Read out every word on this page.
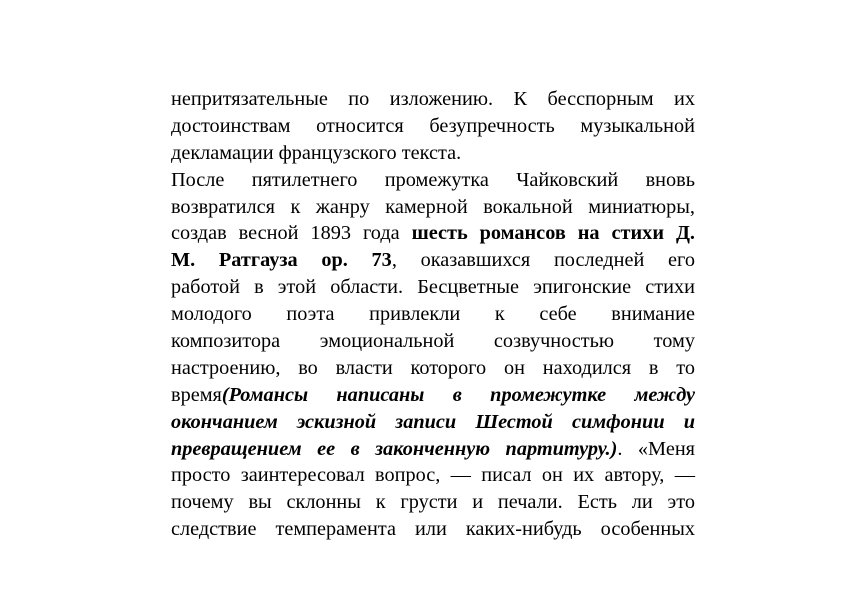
непритязательные по изложению. К бесспорным их
достоинствам относится безупречность музыкальной
декламации французского текста.
После пятилетнего промежутка Чайковский вновь
возвратился к жанру камерной вокальной миниатюры,
создав весной 1893 года шесть романсов на стихи Д.
М. Ратгауза ор. 73, оказавшихся последней его
работой в этой области. Бесцветные эпигонские стихи
молодого поэта привлекли к себе внимание
композитора эмоциональной созвучностью тому
настроению, во власти которого он находился в то
время(Романсы написаны в промежутке между
окончанием эскизной записи Шестой симфонии и
превращением ее в законченную партитуру.). «Меня
просто заинтересовал вопрос, — писал он их автору, —
почему вы склонны к грусти и печали. Есть ли это
следствие темперамента или каких-нибудь особенных
